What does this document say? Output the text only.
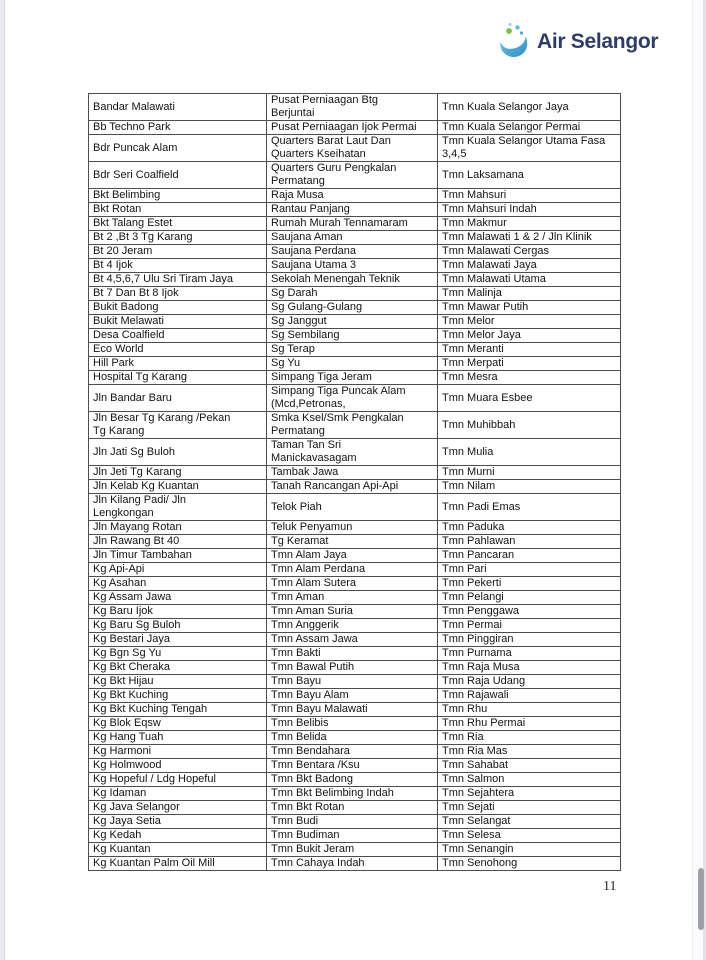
Air Selangor
Bandar Malawati	Pusat Perniaagan Btg Berjuntai	Tmn Kuala Selangor Jaya
Bb Techno Park	Pusat Perniaagan Ijok Permai	Tmn Kuala Selangor Permai
Bdr Puncak Alam	Quarters Barat Laut Dan Quarters Kseihatan	Tmn Kuala Selangor Utama Fasa 3,4,5
Bdr Seri Coalfield	Quarters Guru Pengkalan Permatang	Tmn Laksamana
Bkt Belimbing	Raja Musa	Tmn Mahsuri
Bkt Rotan	Rantau Panjang	Tmn Mahsuri Indah
Bkt Talang Estet	Rumah Murah Tennamaram	Tmn Makmur
Bt 2 ,Bt 3 Tg Karang	Saujana Aman	Tmn Malawati 1 & 2 / Jln Klinik
Bt 20 Jeram	Saujana Perdana	Tmn Malawati Cergas
Bt 4 Ijok	Saujana Utama 3	Tmn Malawati Jaya
Bt 4,5,6,7 Ulu Sri Tiram Jaya	Sekolah Menengah Teknik	Tmn Malawati Utama
Bt 7 Dan Bt 8 Ijok	Sg Darah	Tmn Malinja
Bukit Badong	Sg Gulang-Gulang	Tmn Mawar Putih
Bukit Melawati	Sg Janggut	Tmn Melor
Desa Coalfield	Sg Sembilang	Tmn Melor Jaya
Eco World	Sg Terap	Tmn Meranti
Hill Park	Sg Yu	Tmn Merpati
Hospital Tg Karang	Simpang Tiga Jeram	Tmn Mesra
Jln Bandar Baru	Simpang Tiga Puncak Alam (Mcd,Petronas,	Tmn Muara Esbee
Jln Besar Tg Karang /Pekan Tg Karang	Smka Ksel/Smk Pengkalan Permatang	Tmn Muhibbah
Jln Jati Sg Buloh	Taman Tan Sri Manickavasagam	Tmn Mulia
Jln Jeti Tg Karang	Tambak Jawa	Tmn Murni
Jln Kelab Kg Kuantan	Tanah Rancangan Api-Api	Tmn Nilam
Jln Kilang Padi/ Jln Lengkongan	Telok Piah	Tmn Padi Emas
Jln Mayang Rotan	Teluk Penyamun	Tmn Paduka
Jln Rawang Bt 40	Tg Keramat	Tmn Pahlawan
Jln Timur Tambahan	Tmn Alam Jaya	Tmn Pancaran
Kg Api-Api	Tmn Alam Perdana	Tmn Pari
Kg Asahan	Tmn Alam Sutera	Tmn Pekerti
Kg Assam Jawa	Tmn Aman	Tmn Pelangi
Kg Baru Ijok	Tmn Aman Suria	Tmn Penggawa
Kg Baru Sg Buloh	Tmn Anggerik	Tmn Permai
Kg Bestari Jaya	Tmn Assam Jawa	Tmn Pinggiran
Kg Bgn Sg Yu	Tmn Bakti	Tmn Purnama
Kg Bkt Cheraka	Tmn Bawal Putih	Tmn Raja Musa
Kg Bkt Hijau	Tmn Bayu	Tmn Raja Udang
Kg Bkt Kuching	Tmn Bayu Alam	Tmn Rajawali
Kg Bkt Kuching Tengah	Tmn Bayu Malawati	Tmn Rhu
Kg Blok Eqsw	Tmn Belibis	Tmn Rhu Permai
Kg Hang Tuah	Tmn Belida	Tmn Ria
Kg Harmoni	Tmn Bendahara	Tmn Ria Mas
Kg Holmwood	Tmn Bentara /Ksu	Tmn Sahabat
Kg Hopeful / Ldg Hopeful	Tmn Bkt Badong	Tmn Salmon
Kg Idaman	Tmn Bkt Belimbing Indah	Tmn Sejahtera
Kg Java Selangor	Tmn Bkt Rotan	Tmn Sejati
Kg Jaya Setia	Tmn Budi	Tmn Selangat
Kg Kedah	Tmn Budiman	Tmn Selesa
Kg Kuantan	Tmn Bukit Jeram	Tmn Senangin
Kg Kuantan Palm Oil Mill	Tmn Cahaya Indah	Tmn Senohong
11
